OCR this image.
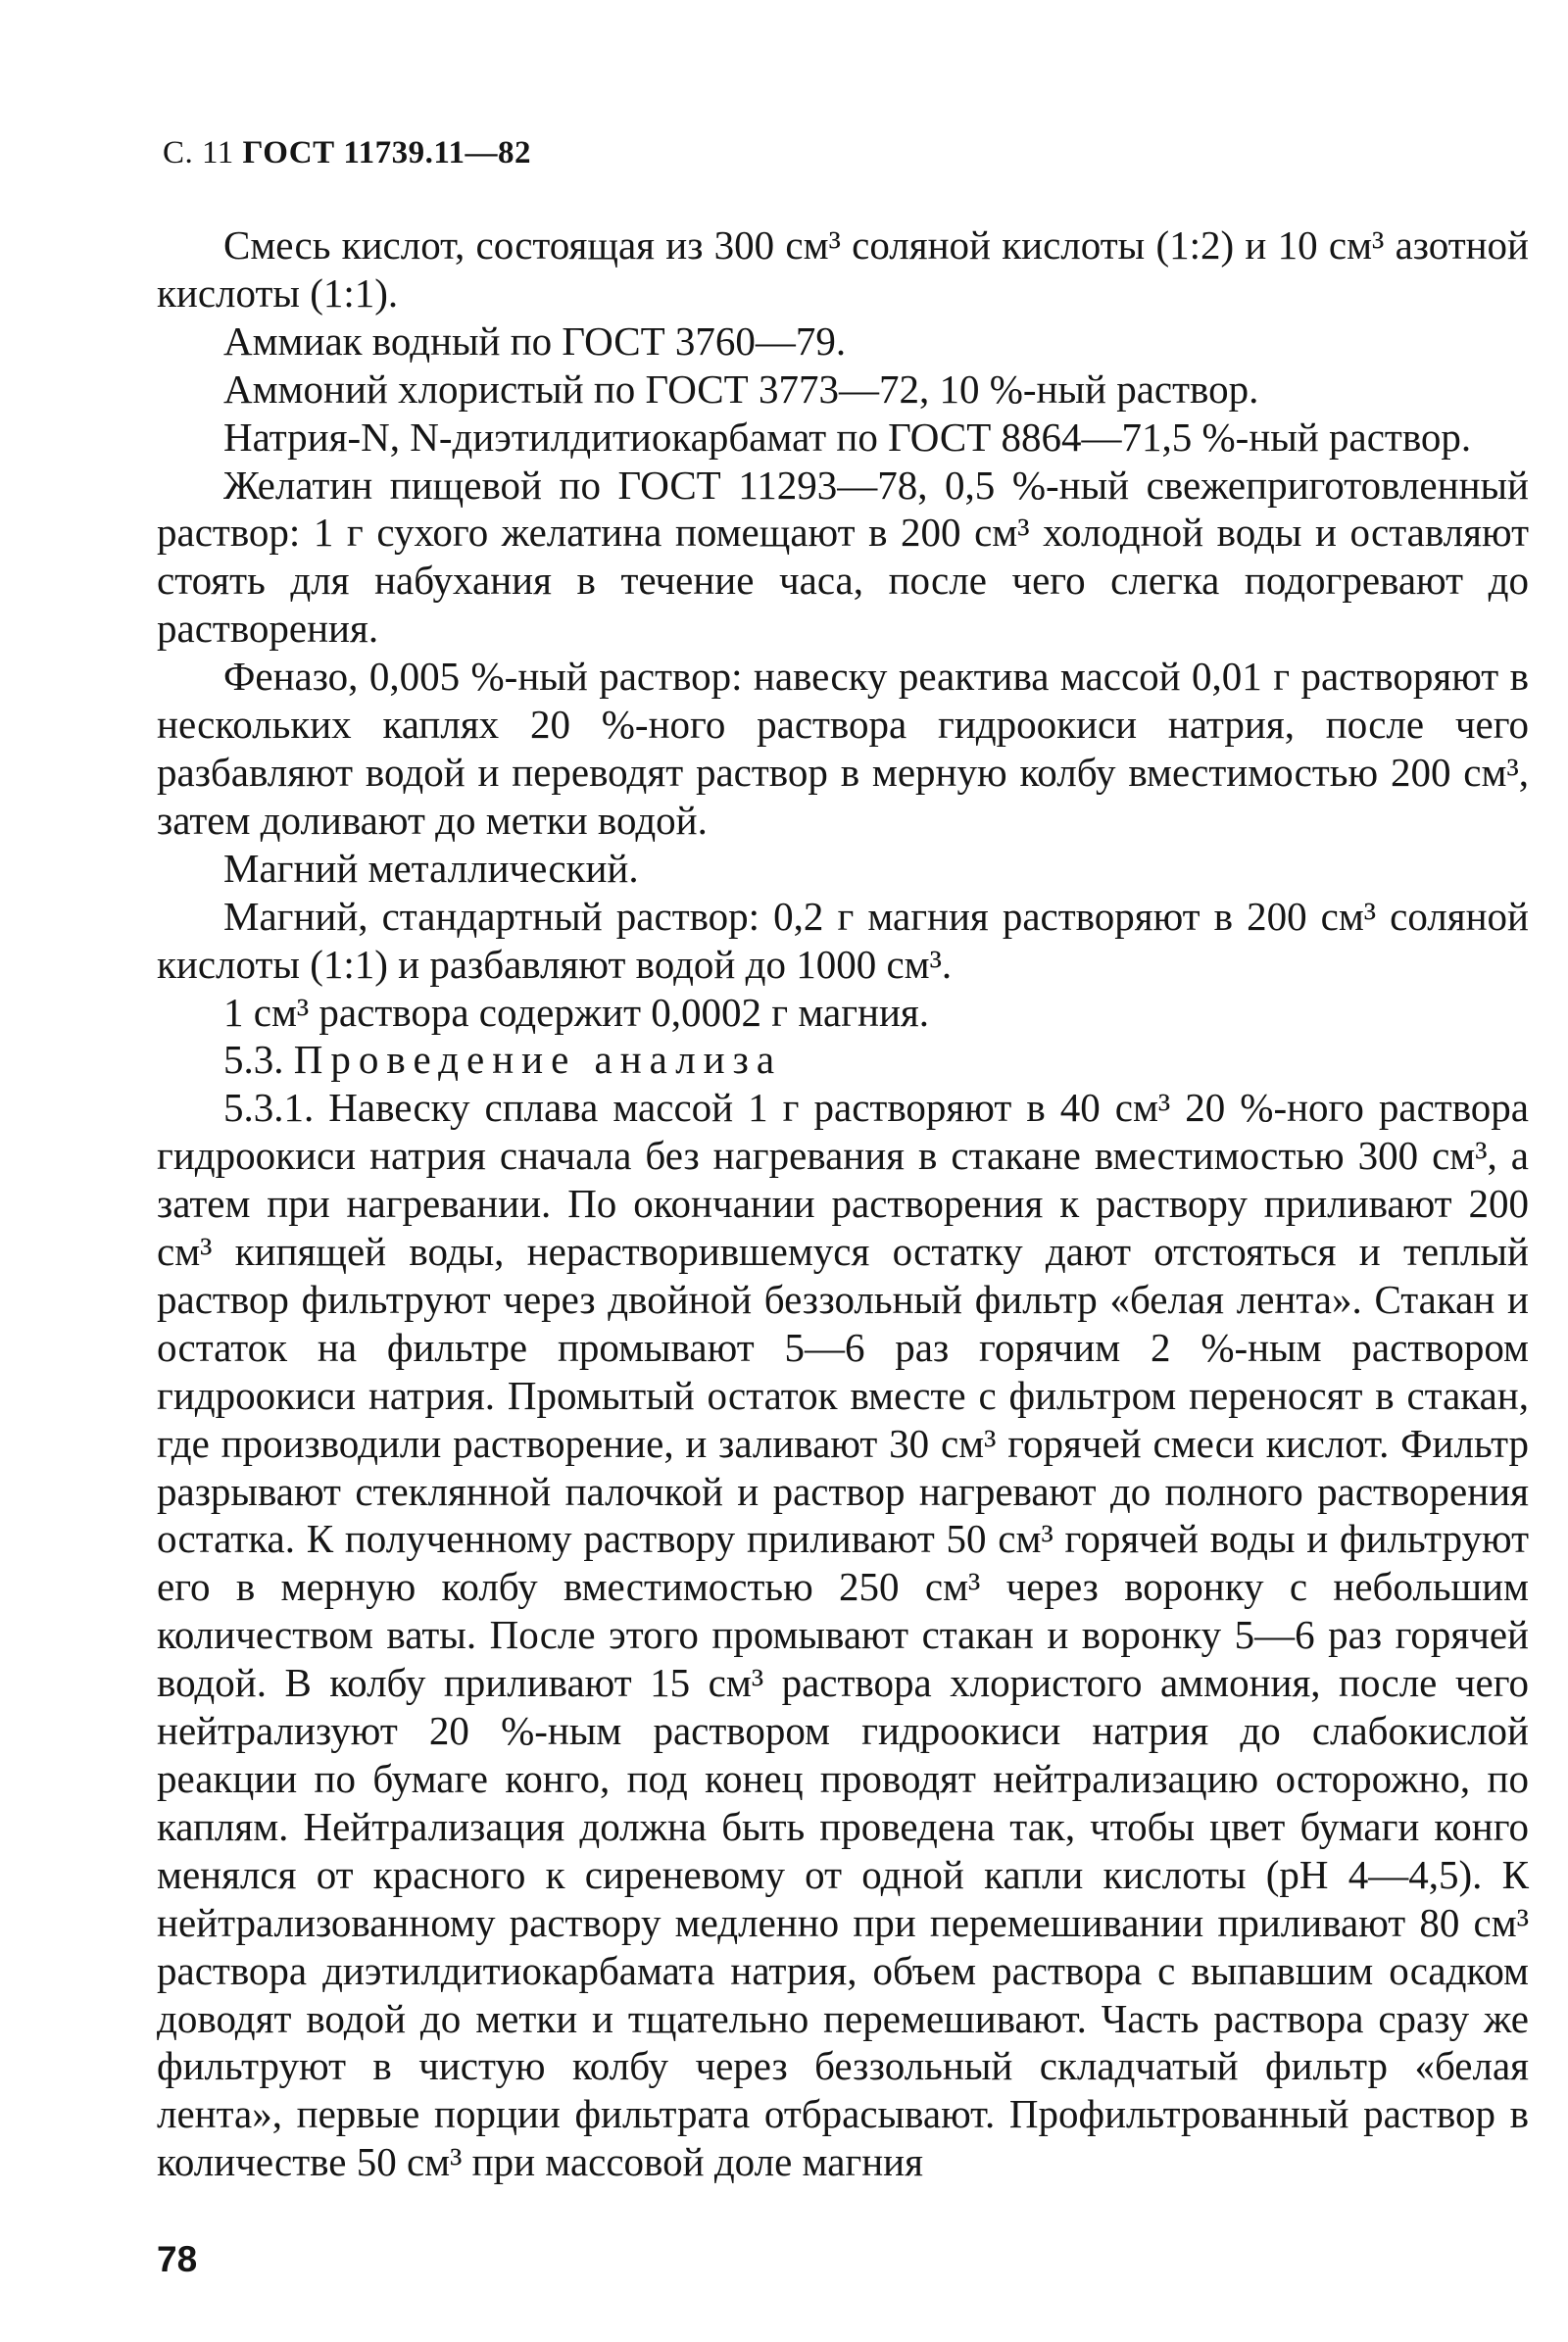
С. 11 ГОСТ 11739.11—82

Смесь кислот, состоящая из 300 см³ соляной кислоты (1:2) и 10 см³ азотной кислоты (1:1).

Аммиак водный по ГОСТ 3760—79.

Аммоний хлористый по ГОСТ 3773—72, 10 %-ный раствор.

Натрия-N, N-диэтилдитиокарбамат по ГОСТ 8864—71,5 %-ный раствор.

Желатин пищевой по ГОСТ 11293—78, 0,5 %-ный свежеприготовленный раствор: 1 г сухого желатина помещают в 200 см³ холодной воды и оставляют стоять для набухания в течение часа, после чего слегка подогревают до растворения.

Феназо, 0,005 %-ный раствор: навеску реактива массой 0,01 г растворяют в нескольких каплях 20 %-ного раствора гидроокиси натрия, после чего разбавляют водой и переводят раствор в мерную колбу вместимостью 200 см³, затем доливают до метки водой.

Магний металлический.

Магний, стандартный раствор: 0,2 г магния растворяют в 200 см³ соляной кислоты (1:1) и разбавляют водой до 1000 см³.

1 см³ раствора содержит 0,0002 г магния.

5.3. Проведение анализа

5.3.1. Навеску сплава массой 1 г растворяют в 40 см³ 20 %-ного раствора гидроокиси натрия сначала без нагревания в стакане вместимостью 300 см³, а затем при нагревании. По окончании растворения к раствору приливают 200 см³ кипящей воды, нерастворившемуся остатку дают отстояться и теплый раствор фильтруют через двойной беззольный фильтр «белая лента». Стакан и остаток на фильтре промывают 5—6 раз горячим 2 %-ным раствором гидроокиси натрия. Промытый остаток вместе с фильтром переносят в стакан, где производили растворение, и заливают 30 см³ горячей смеси кислот. Фильтр разрывают стеклянной палочкой и раствор нагревают до полного растворения остатка. К полученному раствору приливают 50 см³ горячей воды и фильтруют его в мерную колбу вместимостью 250 см³ через воронку с небольшим количеством ваты. После этого промывают стакан и воронку 5—6 раз горячей водой. В колбу приливают 15 см³ раствора хлористого аммония, после чего нейтрализуют 20 %-ным раствором гидроокиси натрия до слабокислой реакции по бумаге конго, под конец проводят нейтрализацию осторожно, по каплям. Нейтрализация должна быть проведена так, чтобы цвет бумаги конго менялся от красного к сиреневому от одной капли кислоты (pH 4—4,5). К нейтрализованному раствору медленно при перемешивании приливают 80 см³ раствора диэтилдитиокарбамата натрия, объем раствора с выпавшим осадком доводят водой до метки и тщательно перемешивают. Часть раствора сразу же фильтруют в чистую колбу через беззольный складчатый фильтр «белая лента», первые порции фильтрата отбрасывают. Профильтрованный раствор в количестве 50 см³ при массовой доле магния

78
